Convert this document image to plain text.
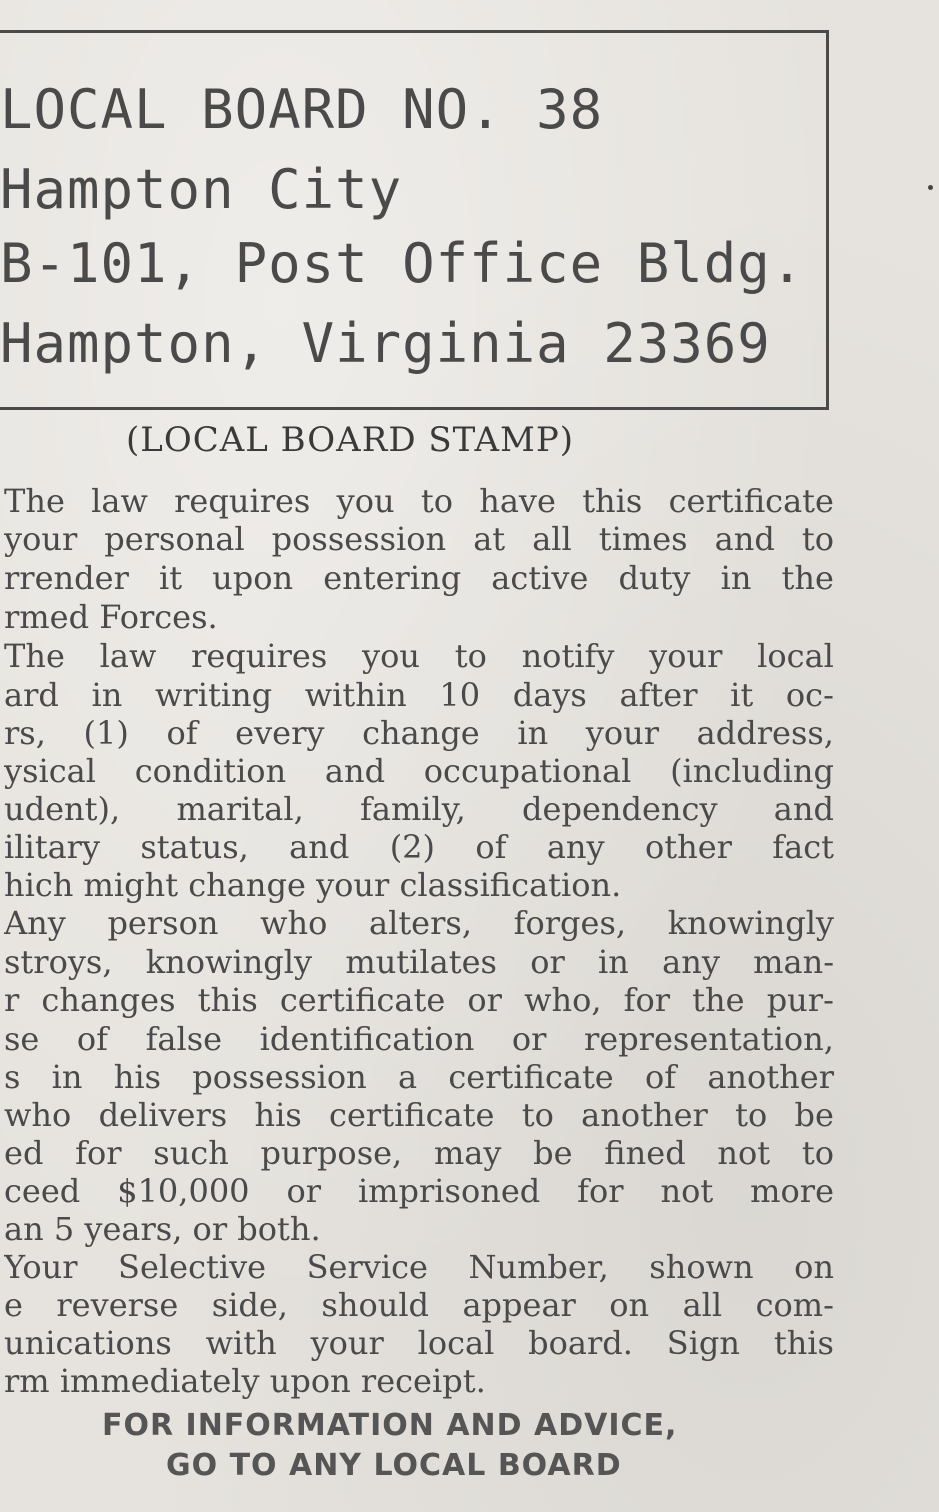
LOCAL BOARD NO. 38

Hampton City

B-101, Post Office Bldg.

Hampton, Virginia 23369

(LOCAL BOARD STAMP)

The law requires you to have this certificate

your personal possession at all times and to

rrender it upon entering active duty in the

rmed Forces.

The law requires you to notify your local

ard in writing within 10 days after it oc-

rs, (1) of every change in your address,

ysical condition and occupational (including

udent), marital, family, dependency and

ilitary status, and (2) of any other fact

hich might change your classification.

Any person who alters, forges, knowingly

stroys, knowingly mutilates or in any man-

r changes this certificate or who, for the pur-

se of false identification or representation,

s in his possession a certificate of another

who delivers his certificate to another to be

ed for such purpose, may be fined not to

ceed $10,000 or imprisoned for not more

an 5 years, or both.

Your Selective Service Number, shown on

e reverse side, should appear on all com-

unications with your local board. Sign this

rm immediately upon receipt.

FOR INFORMATION AND ADVICE,

GO TO ANY LOCAL BOARD
